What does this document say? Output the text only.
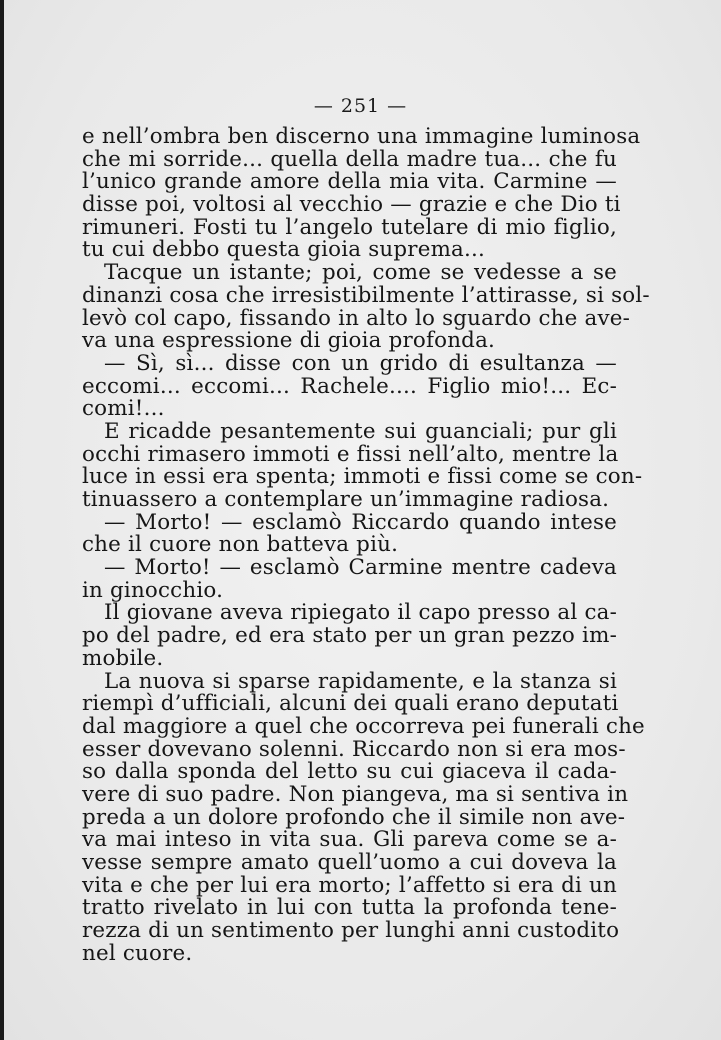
— 251 —
e nell’ombra ben discerno una immagine luminosa
che mi sorride... quella della madre tua... che fu
l’unico grande amore della mia vita. Carmine —
disse poi, voltosi al vecchio — grazie e che Dio ti
rimuneri. Fosti tu l’angelo tutelare di mio figlio,
tu cui debbo questa gioia suprema...
Tacque un istante; poi, come se vedesse a se
dinanzi cosa che irresistibilmente l’attirasse, si sol-
levò col capo, fissando in alto lo sguardo che ave-
va una espressione di gioia profonda.
— Sì, sì... disse con un grido di esultanza —
eccomi... eccomi... Rachele.... Figlio mio!... Ec-
comi!...
E ricadde pesantemente sui guanciali; pur gli
occhi rimasero immoti e fissi nell’alto, mentre la
luce in essi era spenta; immoti e fissi come se con-
tinuassero a contemplare un’immagine radiosa.
— Morto! — esclamò Riccardo quando intese
che il cuore non batteva più.
— Morto! — esclamò Carmine mentre cadeva
in ginocchio.
Il giovane aveva ripiegato il capo presso al ca-
po del padre, ed era stato per un gran pezzo im-
mobile.
La nuova si sparse rapidamente, e la stanza si
riempì d’ufficiali, alcuni dei quali erano deputati
dal maggiore a quel che occorreva pei funerali che
esser dovevano solenni. Riccardo non si era mos-
so dalla sponda del letto su cui giaceva il cada-
vere di suo padre. Non piangeva, ma si sentiva in
preda a un dolore profondo che il simile non ave-
va mai inteso in vita sua. Gli pareva come se a-
vesse sempre amato quell’uomo a cui doveva la
vita e che per lui era morto; l’affetto si era di un
tratto rivelato in lui con tutta la profonda tene-
rezza di un sentimento per lunghi anni custodito
nel cuore.
